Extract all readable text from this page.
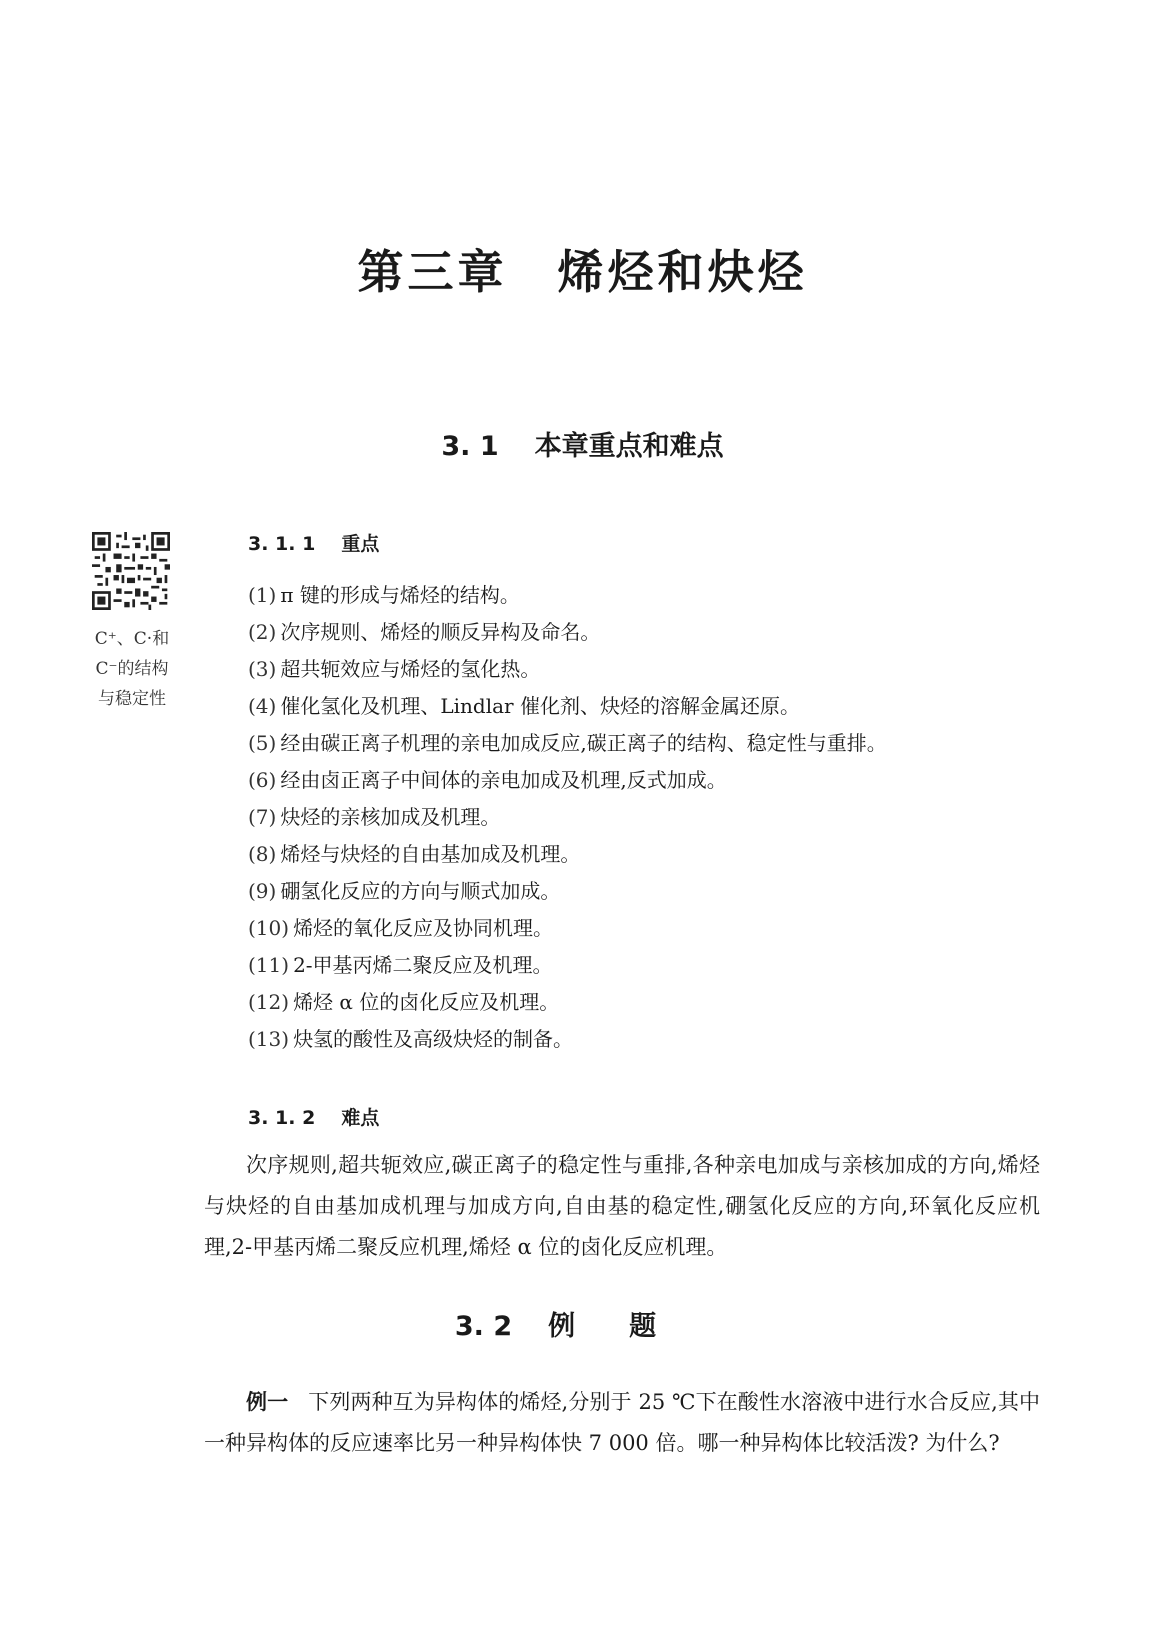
第三章　烯烃和炔烃
3. 1 本章重点和难点

C⁺、C·和
C⁻的结构
与稳定性

3. 1. 1 重点
(1) π 键的形成与烯烃的结构。
(2) 次序规则、烯烃的顺反异构及命名。
(3) 超共轭效应与烯烃的氢化热。
(4) 催化氢化及机理、Lindlar 催化剂、炔烃的溶解金属还原。
(5) 经由碳正离子机理的亲电加成反应,碳正离子的结构、稳定性与重排。
(6) 经由卤正离子中间体的亲电加成及机理,反式加成。
(7) 炔烃的亲核加成及机理。
(8) 烯烃与炔烃的自由基加成及机理。
(9) 硼氢化反应的方向与顺式加成。
(10) 烯烃的氧化反应及协同机理。
(11) 2-甲基丙烯二聚反应及机理。
(12) 烯烃 α 位的卤化反应及机理。
(13) 炔氢的酸性及高级炔烃的制备。
3. 1. 2 难点

次序规则,超共轭效应,碳正离子的稳定性与重排,各种亲电加成与亲核加成的方向,烯烃与炔烃的自由基加成机理与加成方向,自由基的稳定性,硼氢化反应的方向,环氧化反应机理,2-甲基丙烯二聚反应机理,烯烃 α 位的卤化反应机理。

3. 2 例题

例一 下列两种互为异构体的烯烃,分别于 25 ℃下在酸性水溶液中进行水合反应,其中一种异构体的反应速率比另一种异构体快 7 000 倍。哪一种异构体比较活泼? 为什么?
